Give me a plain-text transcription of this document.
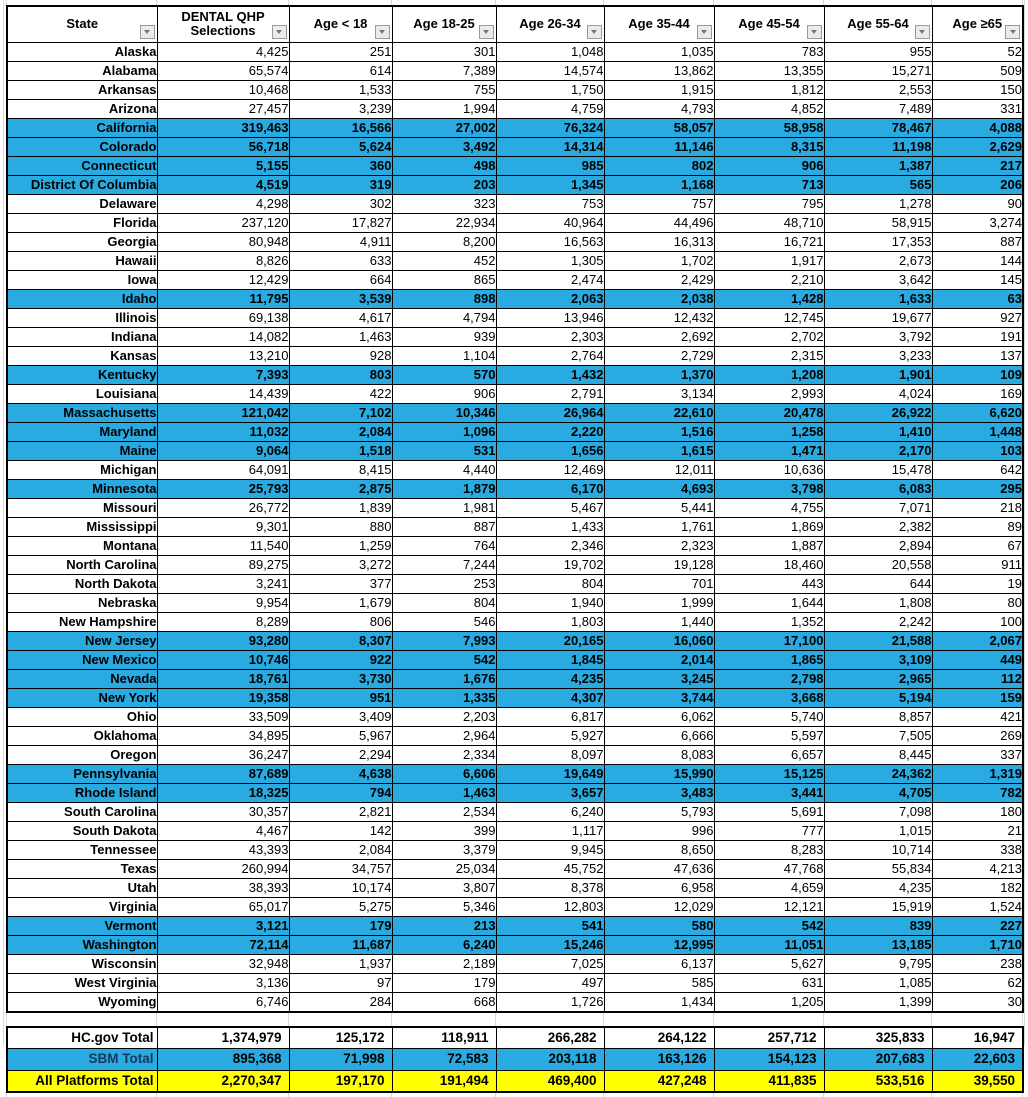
State	DENTAL QHP Selections	Age < 18	Age 18-25	Age 26-34	Age 35-44	Age 45-54	Age 55-64	Age ≥65

Alaska	4,425	251	301	1,048	1,035	783	955	52
Alabama	65,574	614	7,389	14,574	13,862	13,355	15,271	509
Arkansas	10,468	1,533	755	1,750	1,915	1,812	2,553	150
Arizona	27,457	3,239	1,994	4,759	4,793	4,852	7,489	331
California	319,463	16,566	27,002	76,324	58,057	58,958	78,467	4,088
Colorado	56,718	5,624	3,492	14,314	11,146	8,315	11,198	2,629
Connecticut	5,155	360	498	985	802	906	1,387	217
District Of Columbia	4,519	319	203	1,345	1,168	713	565	206
Delaware	4,298	302	323	753	757	795	1,278	90
Florida	237,120	17,827	22,934	40,964	44,496	48,710	58,915	3,274
Georgia	80,948	4,911	8,200	16,563	16,313	16,721	17,353	887
Hawaii	8,826	633	452	1,305	1,702	1,917	2,673	144
Iowa	12,429	664	865	2,474	2,429	2,210	3,642	145
Idaho	11,795	3,539	898	2,063	2,038	1,428	1,633	63
Illinois	69,138	4,617	4,794	13,946	12,432	12,745	19,677	927
Indiana	14,082	1,463	939	2,303	2,692	2,702	3,792	191
Kansas	13,210	928	1,104	2,764	2,729	2,315	3,233	137
Kentucky	7,393	803	570	1,432	1,370	1,208	1,901	109
Louisiana	14,439	422	906	2,791	3,134	2,993	4,024	169
Massachusetts	121,042	7,102	10,346	26,964	22,610	20,478	26,922	6,620
Maryland	11,032	2,084	1,096	2,220	1,516	1,258	1,410	1,448
Maine	9,064	1,518	531	1,656	1,615	1,471	2,170	103
Michigan	64,091	8,415	4,440	12,469	12,011	10,636	15,478	642
Minnesota	25,793	2,875	1,879	6,170	4,693	3,798	6,083	295
Missouri	26,772	1,839	1,981	5,467	5,441	4,755	7,071	218
Mississippi	9,301	880	887	1,433	1,761	1,869	2,382	89
Montana	11,540	1,259	764	2,346	2,323	1,887	2,894	67
North Carolina	89,275	3,272	7,244	19,702	19,128	18,460	20,558	911
North Dakota	3,241	377	253	804	701	443	644	19
Nebraska	9,954	1,679	804	1,940	1,999	1,644	1,808	80
New Hampshire	8,289	806	546	1,803	1,440	1,352	2,242	100
New Jersey	93,280	8,307	7,993	20,165	16,060	17,100	21,588	2,067
New Mexico	10,746	922	542	1,845	2,014	1,865	3,109	449
Nevada	18,761	3,730	1,676	4,235	3,245	2,798	2,965	112
New York	19,358	951	1,335	4,307	3,744	3,668	5,194	159
Ohio	33,509	3,409	2,203	6,817	6,062	5,740	8,857	421
Oklahoma	34,895	5,967	2,964	5,927	6,666	5,597	7,505	269
Oregon	36,247	2,294	2,334	8,097	8,083	6,657	8,445	337
Pennsylvania	87,689	4,638	6,606	19,649	15,990	15,125	24,362	1,319
Rhode Island	18,325	794	1,463	3,657	3,483	3,441	4,705	782
South Carolina	30,357	2,821	2,534	6,240	5,793	5,691	7,098	180
South Dakota	4,467	142	399	1,117	996	777	1,015	21
Tennessee	43,393	2,084	3,379	9,945	8,650	8,283	10,714	338
Texas	260,994	34,757	25,034	45,752	47,636	47,768	55,834	4,213
Utah	38,393	10,174	3,807	8,378	6,958	4,659	4,235	182
Virginia	65,017	5,275	5,346	12,803	12,029	12,121	15,919	1,524
Vermont	3,121	179	213	541	580	542	839	227
Washington	72,114	11,687	6,240	15,246	12,995	11,051	13,185	1,710
Wisconsin	32,948	1,937	2,189	7,025	6,137	5,627	9,795	238
West Virginia	3,136	97	179	497	585	631	1,085	62
Wyoming	6,746	284	668	1,726	1,434	1,205	1,399	30
HC.gov Total	1,374,979	125,172	118,911	266,282	264,122	257,712	325,833	16,947
SBM Total	895,368	71,998	72,583	203,118	163,126	154,123	207,683	22,603
All Platforms Total	2,270,347	197,170	191,494	469,400	427,248	411,835	533,516	39,550
